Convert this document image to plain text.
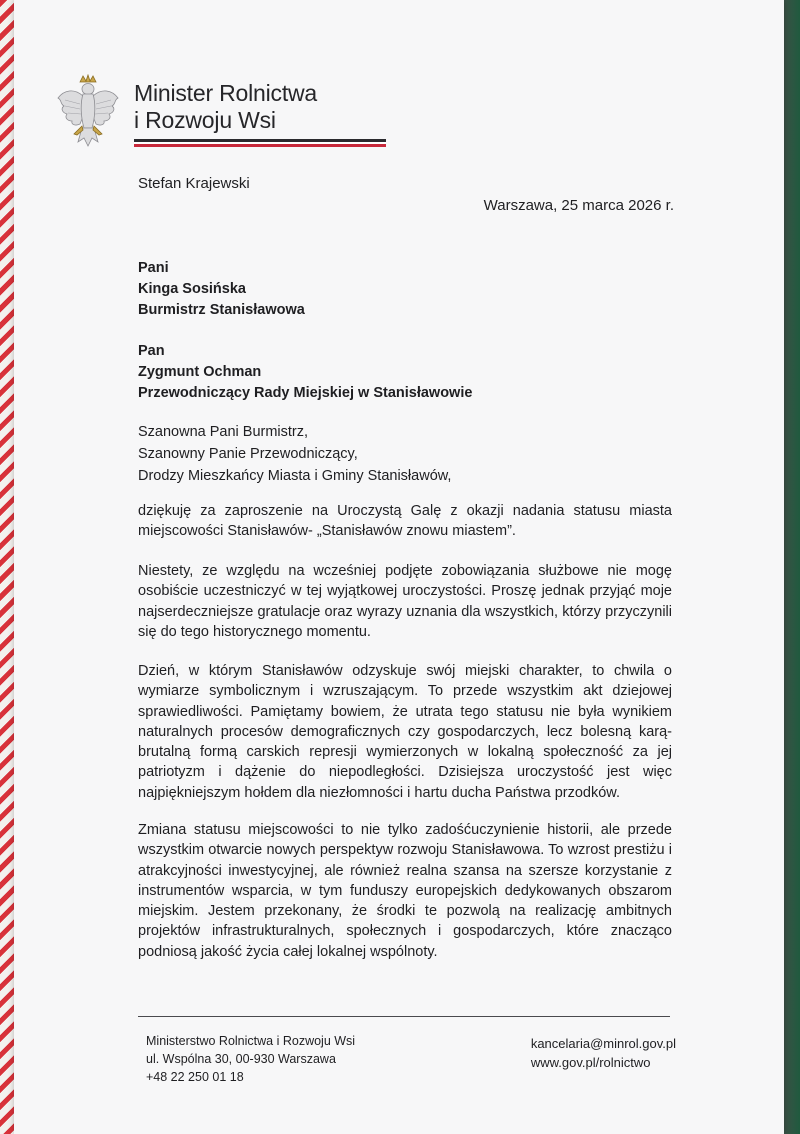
Minister Rolnictwa
i Rozwoju Wsi
Stefan Krajewski
Warszawa, 25 marca 2026 r.
Pani
Kinga Sosińska
Burmistrz Stanisławowa
Pan
Zygmunt Ochman
Przewodniczący Rady Miejskiej w Stanisławowie
Szanowna Pani Burmistrz,
Szanowny Panie Przewodniczący,
Drodzy Mieszkańcy Miasta i Gminy Stanisławów,

dziękuję za zaproszenie na Uroczystą Galę z okazji nadania statusu miasta miejscowości Stanisławów- „Stanisławów znowu miastem”.

Niestety, ze względu na wcześniej podjęte zobowiązania służbowe nie mogę osobiście uczestniczyć w tej wyjątkowej uroczystości. Proszę jednak przyjąć moje najserdeczniejsze gratulacje oraz wyrazy uznania dla wszystkich, którzy przyczynili się do tego historycznego momentu.

Dzień, w którym Stanisławów odzyskuje swój miejski charakter, to chwila o wymiarze symbolicznym i wzruszającym. To przede wszystkim akt dziejowej sprawiedliwości. Pamiętamy bowiem, że utrata tego statusu nie była wynikiem naturalnych procesów demograficznych czy gospodarczych, lecz bolesną karą- brutalną formą carskich represji wymierzonych w lokalną społeczność za jej patriotyzm i dążenie do niepodległości. Dzisiejsza uroczystość jest więc najpiękniejszym hołdem dla niezłomności i hartu ducha Państwa przodków.

Zmiana statusu miejscowości to nie tylko zadośćuczynienie historii, ale przede wszystkim otwarcie nowych perspektyw rozwoju Stanisławowa. To wzrost prestiżu i atrakcyjności inwestycyjnej, ale również realna szansa na szersze korzystanie z instrumentów wsparcia, w tym funduszy europejskich dedykowanych obszarom miejskim. Jestem przekonany, że środki te pozwolą na realizację ambitnych projektów infrastrukturalnych, społecznych i gospodarczych, które znacząco podniosą jakość życia całej lokalnej wspólnoty.

Ministerstwo Rolnictwa i Rozwoju Wsi
ul. Wspólna 30, 00-930 Warszawa
+48 22 250 01 18
kancelaria@minrol.gov.pl
www.gov.pl/rolnictwo
